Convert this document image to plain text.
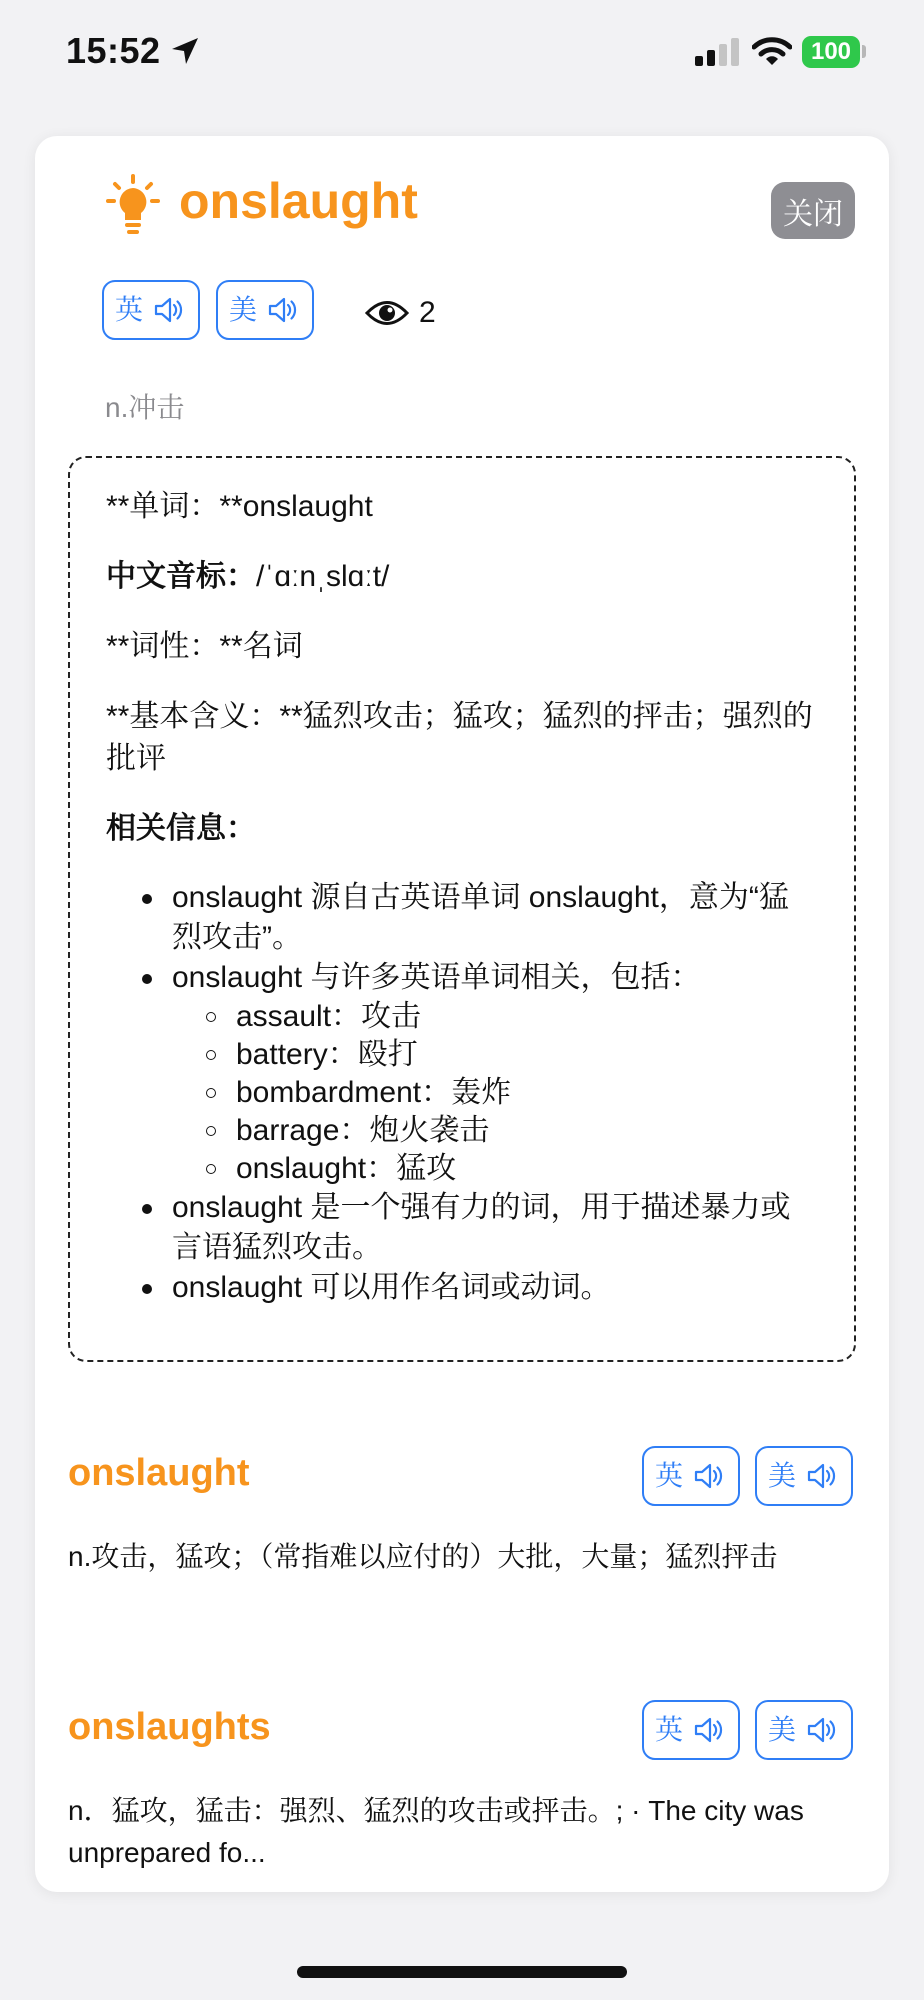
15:52	100
onslaught	关闭
英	美	2
n.冲击

**单词：**onslaught

中文音标：/ˈɑːnˌslɑːt/

**词性：**名词

**基本含义：**猛烈攻击；猛攻；猛烈的抨击；强烈的批评

相关信息：

onslaught 源自古英语单词 onslaught，意为“猛烈攻击”。
onslaught 与许多英语单词相关，包括：
assault：攻击
battery：殴打
bombardment：轰炸
barrage：炮火袭击
onslaught：猛攻
onslaught 是一个强有力的词，用于描述暴力或言语猛烈攻击。
onslaught 可以用作名词或动词。
onslaught	英	美
n.攻击，猛攻；（常指难以应付的）大批，大量；猛烈抨击
onslaughts	英	美
n．猛攻，猛击：强烈、猛烈的攻击或抨击。; · The city was unprepared fo...
